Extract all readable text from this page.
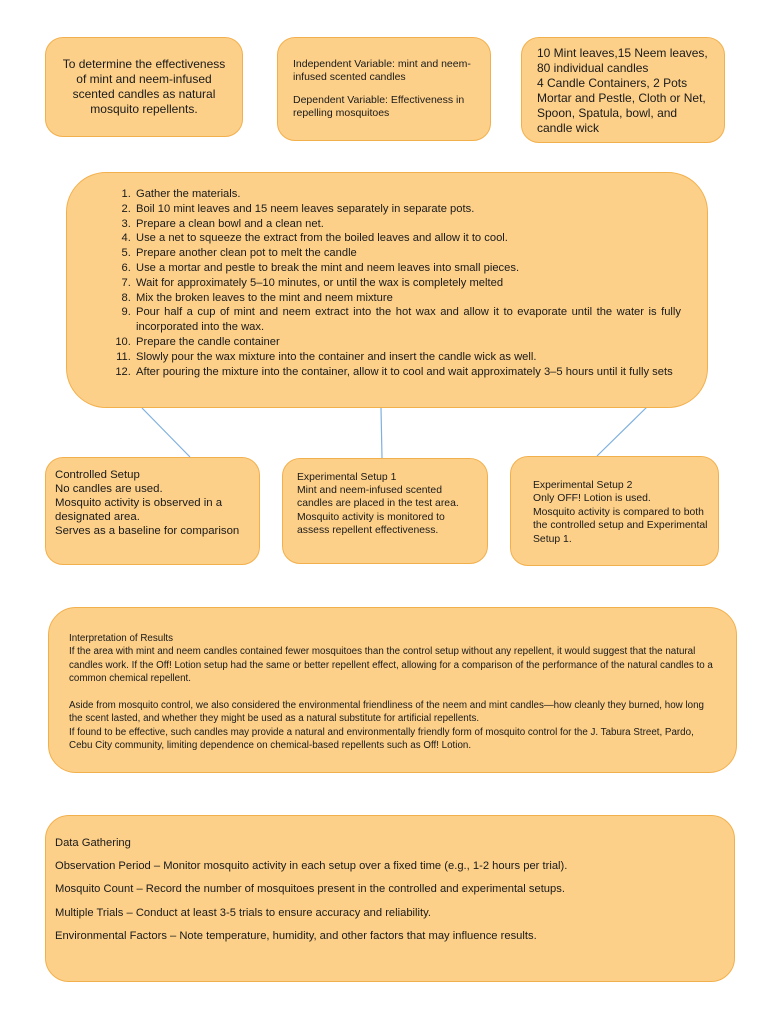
To determine the effectiveness of mint and neem-infused scented candles as natural mosquito repellents.

Independent Variable: mint and neem-infused scented candles

Dependent Variable: Effectiveness in repelling mosquitoes

10 Mint leaves,15 Neem leaves, 80 individual candles
4 Candle Containers, 2 Pots
Mortar and Pestle, Cloth or Net, Spoon, Spatula, bowl, and candle wick
1. Gather the materials.
2. Boil 10 mint leaves and 15 neem leaves separately in separate pots.
3. Prepare a clean bowl and a clean net.
4. Use a net to squeeze the extract from the boiled leaves and allow it to cool.
5. Prepare another clean pot to melt the candle
6. Use a mortar and pestle to break the mint and neem leaves into small pieces.
7. Wait for approximately 5–10 minutes, or until the wax is completely melted
8. Mix the broken leaves to the mint and neem mixture
9. Pour half a cup of mint and neem extract into the hot wax and allow it to evaporate until the water is fully incorporated into the wax.
10. Prepare the candle container
11. Slowly pour the wax mixture into the container and insert the candle wick as well.
12. After pouring the mixture into the container, allow it to cool and wait approximately 3–5 hours until it fully sets
Controlled Setup
No candles are used.
Mosquito activity is observed in a designated area.
Serves as a baseline for comparison
Experimental Setup 1
Mint and neem-infused scented candles are placed in the test area.
Mosquito activity is monitored to assess repellent effectiveness.
Experimental Setup 2
Only OFF! Lotion is used.
Mosquito activity is compared to both the controlled setup and Experimental Setup 1.
Interpretation of Results

If the area with mint and neem candles contained fewer mosquitoes than the control setup without any repellent, it would suggest that the natural candles work. If the Off! Lotion setup had the same or better repellent effect, allowing for a comparison of the performance of the natural candles to a common chemical repellent.

Aside from mosquito control, we also considered the environmental friendliness of the neem and mint candles—how cleanly they burned, how long the scent lasted, and whether they might be used as a natural substitute for artificial repellents.
If found to be effective, such candles may provide a natural and environmentally friendly form of mosquito control for the J. Tabura Street, Pardo, Cebu City community, limiting dependence on chemical-based repellents such as Off! Lotion.
Data Gathering
Observation Period – Monitor mosquito activity in each setup over a fixed time (e.g., 1-2 hours per trial).
Mosquito Count – Record the number of mosquitoes present in the controlled and experimental setups.
Multiple Trials – Conduct at least 3-5 trials to ensure accuracy and reliability.
Environmental Factors – Note temperature, humidity, and other factors that may influence results.
